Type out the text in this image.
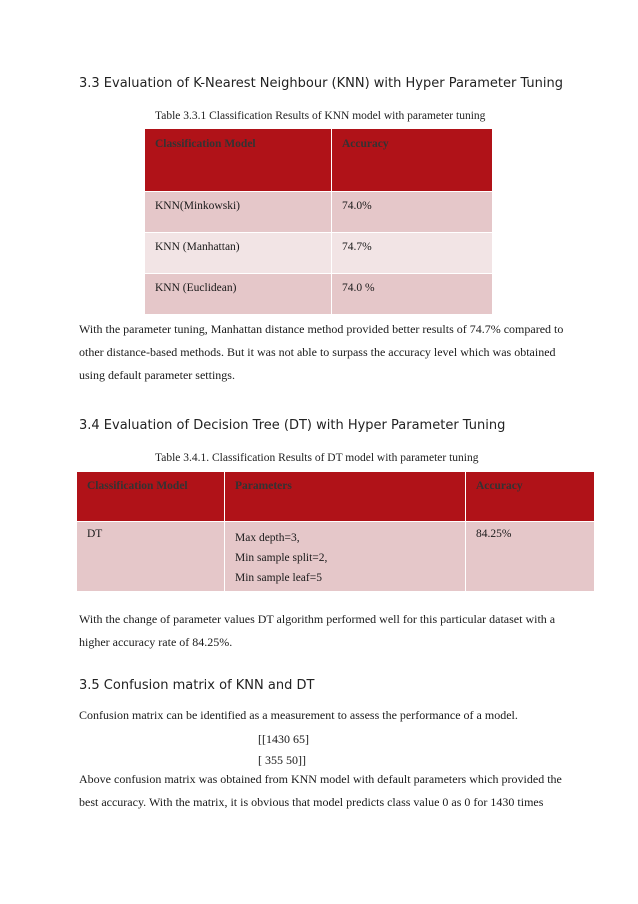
3.3 Evaluation of K-Nearest Neighbour (KNN) with Hyper Parameter Tuning
Table 3.3.1 Classification Results of KNN model with parameter tuning
Classification Model	Accuracy

KNN(Minkowski)	74.0%

KNN (Manhattan)	74.7%

KNN (Euclidean)	74.0 %
With the parameter tuning, Manhattan distance method provided better results of 74.7% compared to
other distance-based methods. But it was not able to surpass the accuracy level which was obtained
using default parameter settings.
3.4 Evaluation of Decision Tree (DT) with Hyper Parameter Tuning
Table 3.4.1. Classification Results of DT model with parameter tuning
Classification Model	Parameters	Accuracy

DT	Max depth=3,
Min sample split=2,
Min sample leaf=5	84.25%
With the change of parameter values DT algorithm performed well for this particular dataset with a
higher accuracy rate of 84.25%.
3.5 Confusion matrix of KNN and DT
Confusion matrix can be identified as a measurement to assess the performance of a model.
[[1430 65]
[ 355 50]]
Above confusion matrix was obtained from KNN model with default parameters which provided the
best accuracy. With the matrix, it is obvious that model predicts class value 0 as 0 for 1430 times
